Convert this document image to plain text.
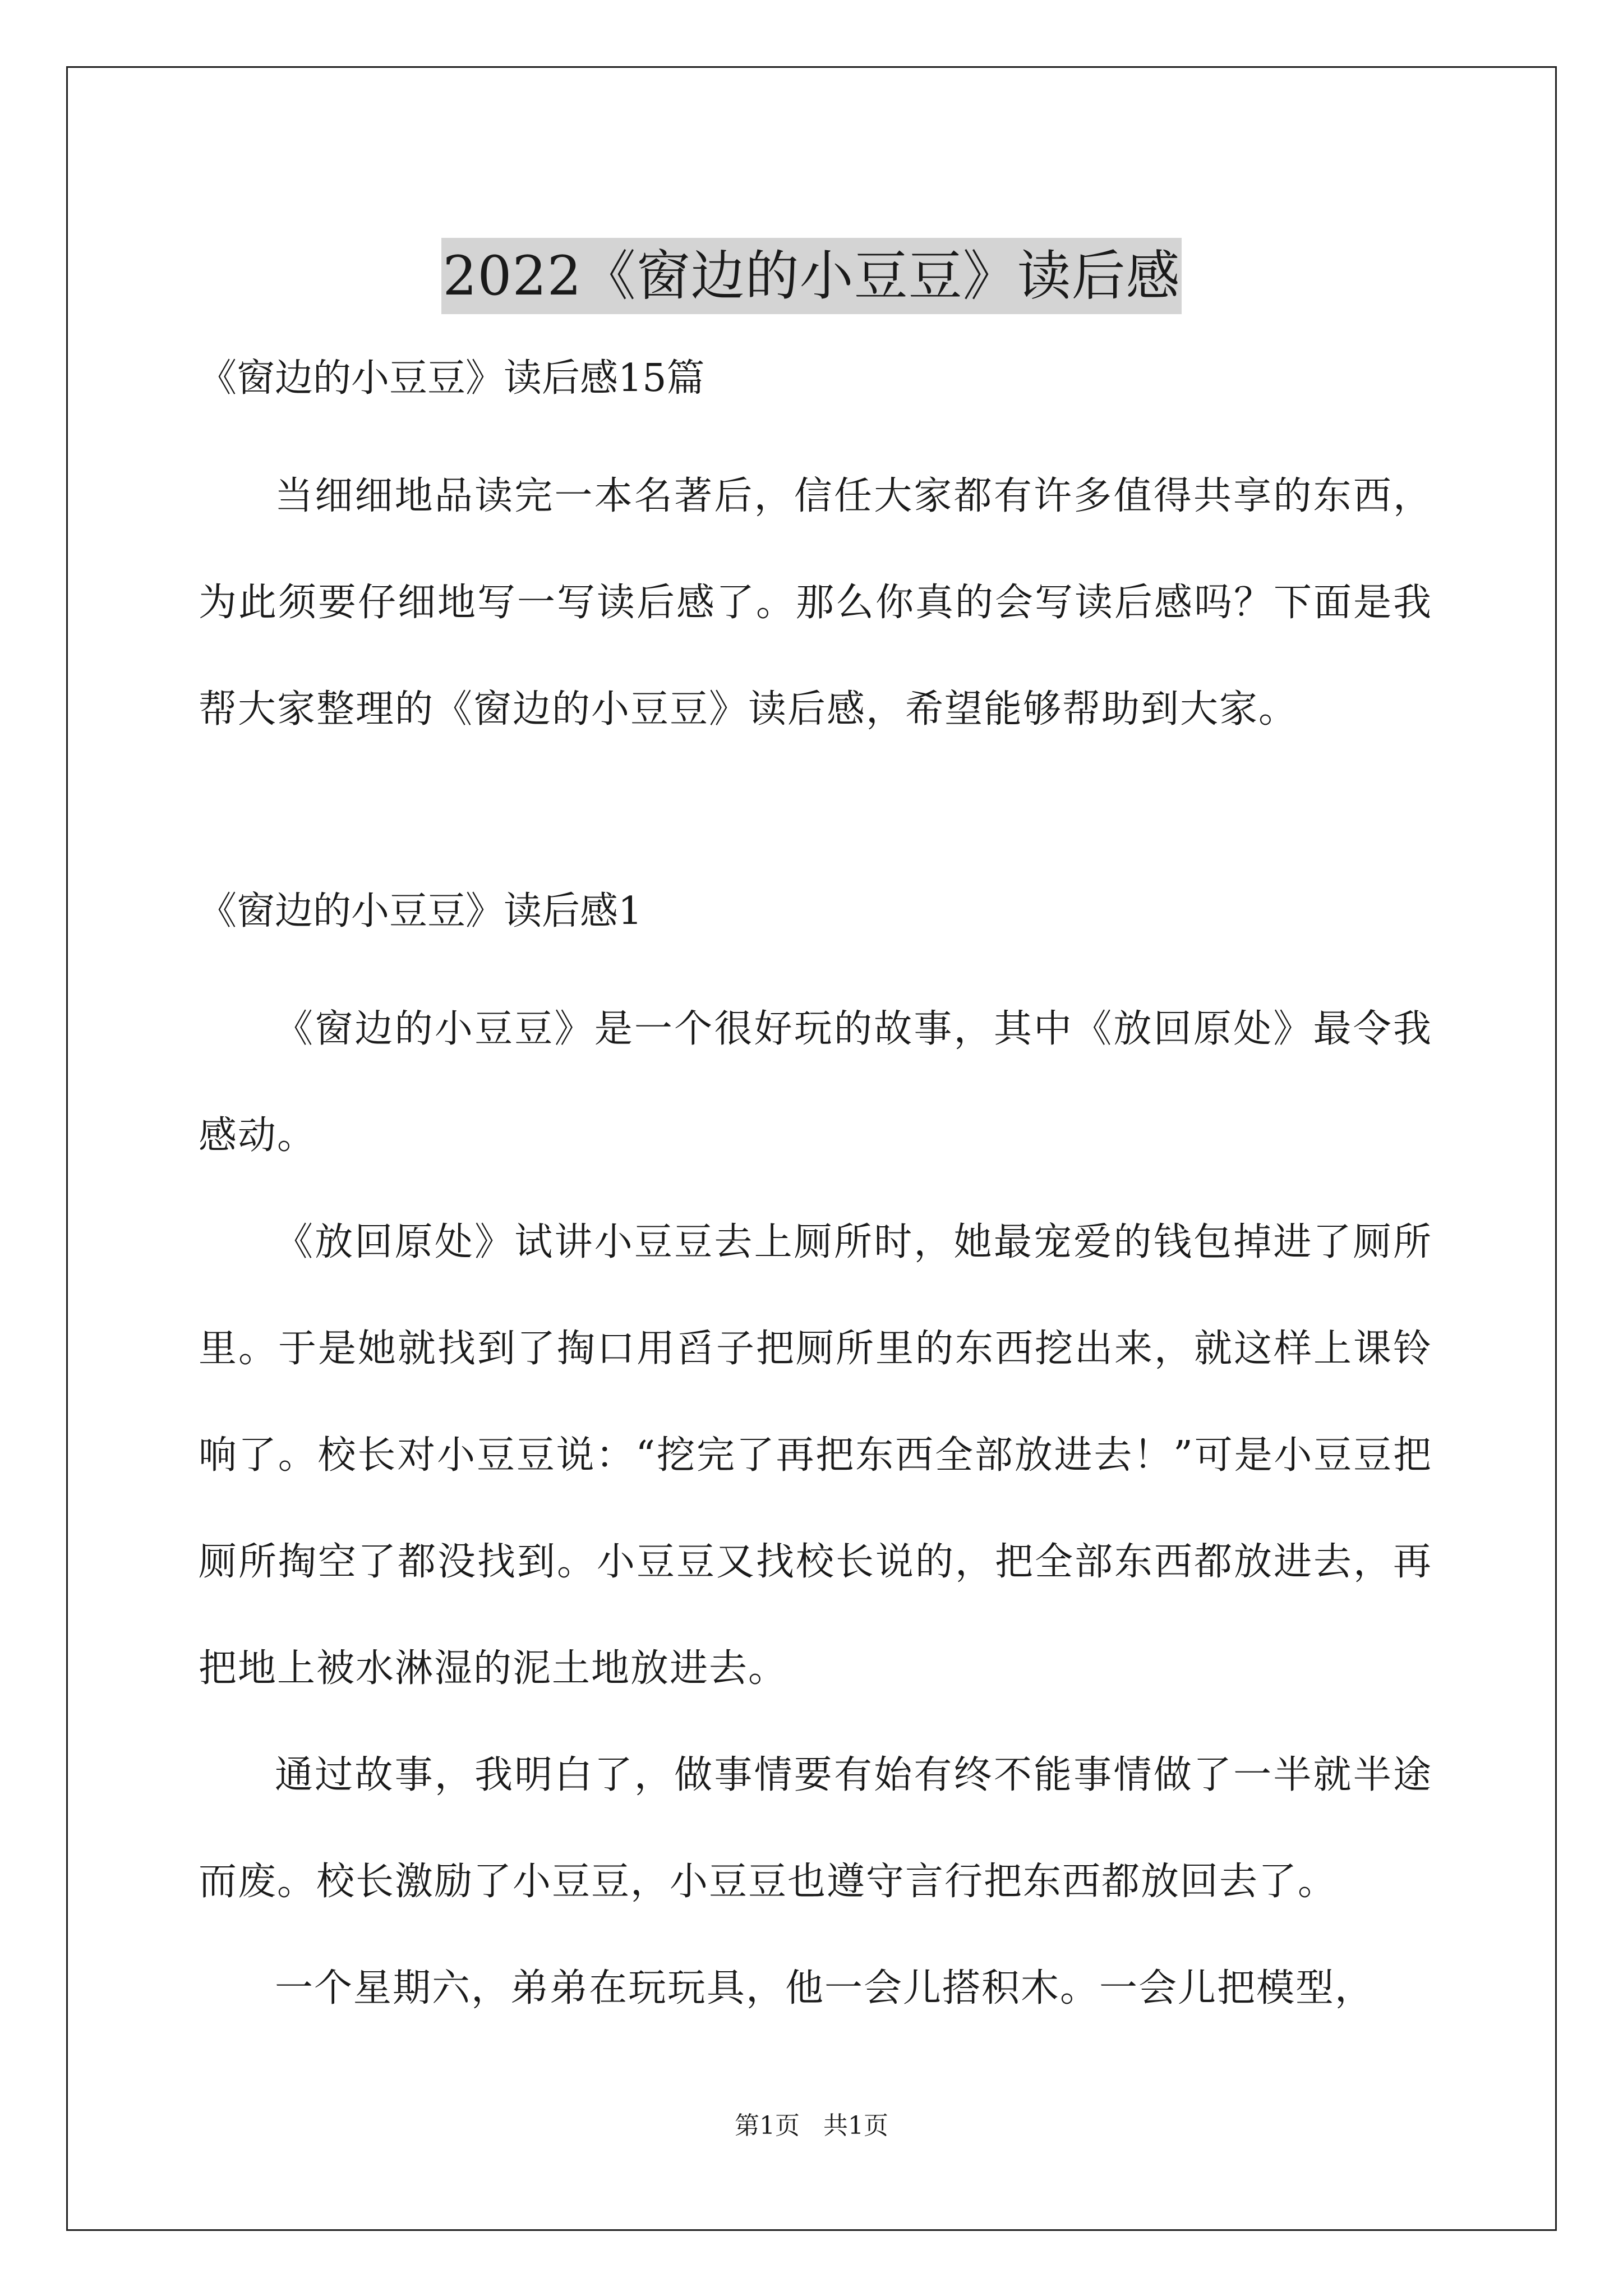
2022《窗边的小豆豆》读后感

《窗边的小豆豆》读后感15篇

当细细地品读完一本名著后，信任大家都有许多值得共享的东西，为此须要仔细地写一写读后感了。那么你真的会写读后感吗？下面是我帮大家整理的《窗边的小豆豆》读后感，希望能够帮助到大家。

《窗边的小豆豆》读后感1

《窗边的小豆豆》是一个很好玩的故事，其中《放回原处》最令我感动。

《放回原处》试讲小豆豆去上厕所时，她最宠爱的钱包掉进了厕所里。于是她就找到了掏口用舀子把厕所里的东西挖出来，就这样上课铃响了。校长对小豆豆说：“挖完了再把东西全部放进去！”可是小豆豆把厕所掏空了都没找到。小豆豆又找校长说的，把全部东西都放进去，再把地上被水淋湿的泥土地放进去。

通过故事，我明白了，做事情要有始有终不能事情做了一半就半途而废。校长激励了小豆豆，小豆豆也遵守言行把东西都放回去了。

一个星期六，弟弟在玩玩具，他一会儿搭积木。一会儿把模型，

第1页 共1页
